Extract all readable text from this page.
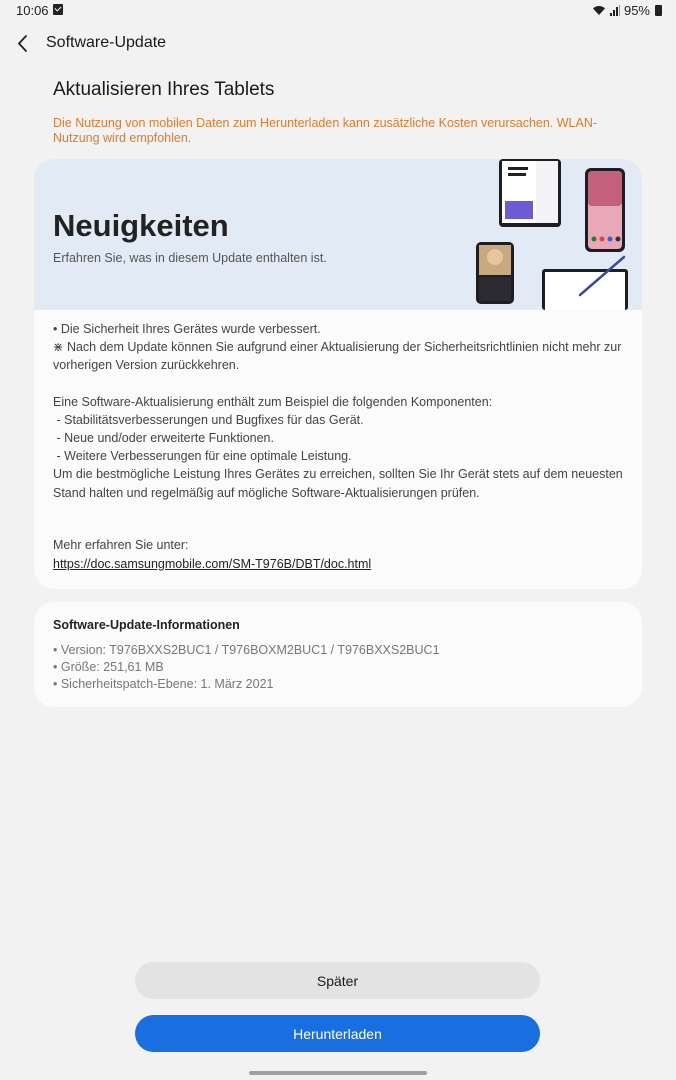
10:06	95%
Software-Update
Aktualisieren Ihres Tablets
Die Nutzung von mobilen Daten zum Herunterladen kann zusätzliche Kosten verursachen. WLAN-Nutzung wird empfohlen.
Neuigkeiten
Erfahren Sie, was in diesem Update enthalten ist.

• Die Sicherheit Ihres Gerätes wurde verbessert.

⋇ Nach dem Update können Sie aufgrund einer Aktualisierung der Sicherheitsrichtlinien nicht mehr zur vorherigen Version zurückkehren.

Eine Software-Aktualisierung enthält zum Beispiel die folgenden Komponenten:

- Stabilitätsverbesserungen und Bugfixes für das Gerät.

- Neue und/oder erweiterte Funktionen.

- Weitere Verbesserungen für eine optimale Leistung.

Um die bestmögliche Leistung Ihres Gerätes zu erreichen, sollten Sie Ihr Gerät stets auf dem neuesten Stand halten und regelmäßig auf mögliche Software-Aktualisierungen prüfen.

Mehr erfahren Sie unter:
https://doc.samsungmobile.com/SM-T976B/DBT/doc.html
Software-Update-Informationen
• Version: T976BXXS2BUC1 / T976BOXM2BUC1 / T976BXXS2BUC1
• Größe: 251,61 MB
• Sicherheitspatch-Ebene: 1. März 2021
Später
Herunterladen
